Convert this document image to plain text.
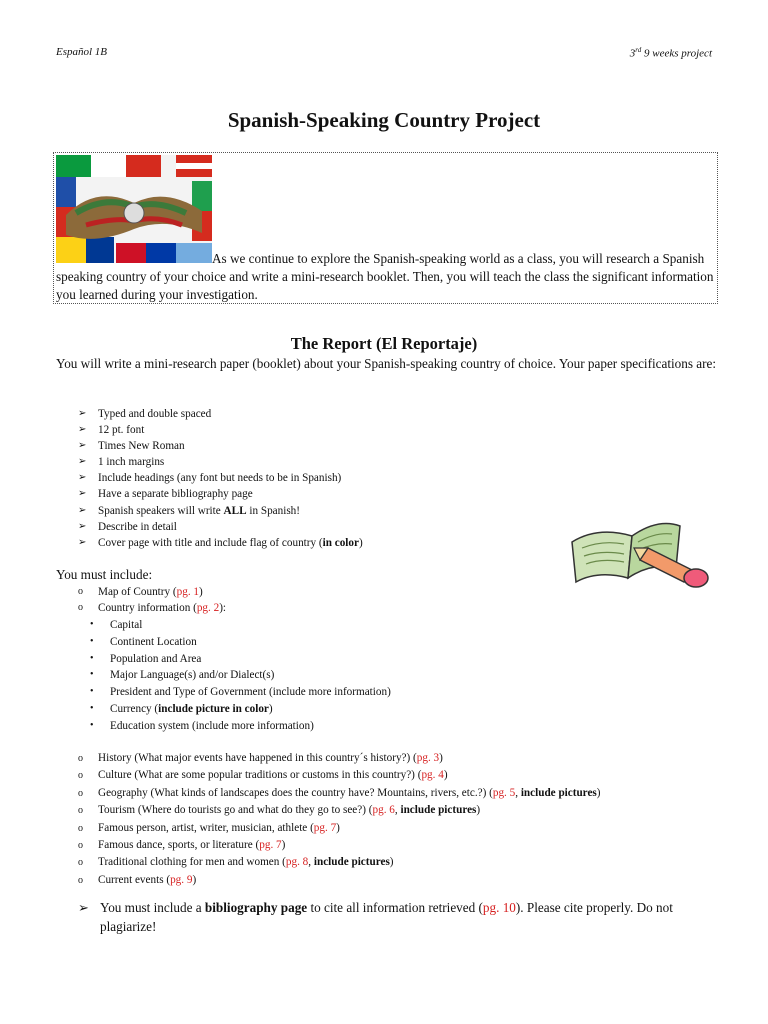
Español 1B	3rd 9 weeks project
Spanish-Speaking Country Project
As we continue to explore the Spanish-speaking world as a class, you will research a Spanish speaking country of your choice and write a mini-research booklet. Then, you will teach the class the significant information you learned during your investigation.
The Report (El Reportaje)
You will write a mini-research paper (booklet) about your Spanish-speaking country of choice. Your paper specifications are:
➢ Typed and double spaced
➢ 12 pt. font
➢ Times New Roman
➢ 1 inch margins
➢ Include headings (any font but needs to be in Spanish)
➢ Have a separate bibliography page
➢ Spanish speakers will write ALL in Spanish!
➢ Describe in detail
➢ Cover page with title and include flag of country (in color)
You must include:
o Map of Country (pg. 1)
o Country information (pg. 2):
• Capital
• Continent Location
• Population and Area
• Major Language(s) and/or Dialect(s)
• President and Type of Government (include more information)
• Currency (include picture in color)
• Education system (include more information)
o History (What major events have happened in this country´s history?) (pg. 3)
o Culture (What are some popular traditions or customs in this country?) (pg. 4)
o Geography (What kinds of landscapes does the country have? Mountains, rivers, etc.?) (pg. 5, include pictures)
o Tourism (Where do tourists go and what do they go to see?) (pg. 6, include pictures)
o Famous person, artist, writer, musician, athlete (pg. 7)
o Famous dance, sports, or literature (pg. 7)
o Traditional clothing for men and women (pg. 8, include pictures)
o Current events (pg. 9)
➢ You must include a bibliography page to cite all information retrieved (pg. 10). Please cite properly. Do not plagiarize!
